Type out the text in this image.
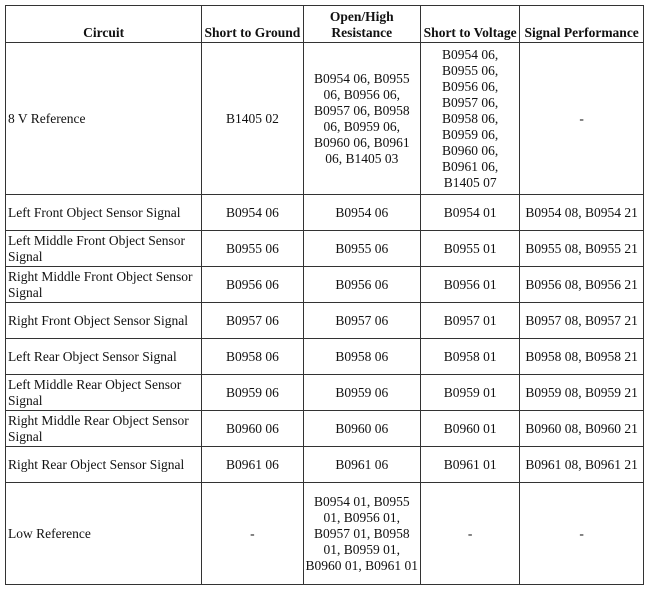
Circuit	Short to Ground	Open/High Resistance	Short to Voltage	Signal Performance
8 V Reference	B1405 02	B0954 06, B0955 06, B0956 06, B0957 06, B0958 06, B0959 06, B0960 06, B0961 06, B1405 03	B0954 06, B0955 06, B0956 06, B0957 06, B0958 06, B0959 06, B0960 06, B0961 06, B1405 07	-
Left Front Object Sensor Signal	B0954 06	B0954 06	B0954 01	B0954 08, B0954 21
Left Middle Front Object Sensor Signal	B0955 06	B0955 06	B0955 01	B0955 08, B0955 21
Right Middle Front Object Sensor Signal	B0956 06	B0956 06	B0956 01	B0956 08, B0956 21
Right Front Object Sensor Signal	B0957 06	B0957 06	B0957 01	B0957 08, B0957 21
Left Rear Object Sensor Signal	B0958 06	B0958 06	B0958 01	B0958 08, B0958 21
Left Middle Rear Object Sensor Signal	B0959 06	B0959 06	B0959 01	B0959 08, B0959 21
Right Middle Rear Object Sensor Signal	B0960 06	B0960 06	B0960 01	B0960 08, B0960 21
Right Rear Object Sensor Signal	B0961 06	B0961 06	B0961 01	B0961 08, B0961 21
Low Reference	-	B0954 01, B0955 01, B0956 01, B0957 01, B0958 01, B0959 01, B0960 01, B0961 01	-	-
